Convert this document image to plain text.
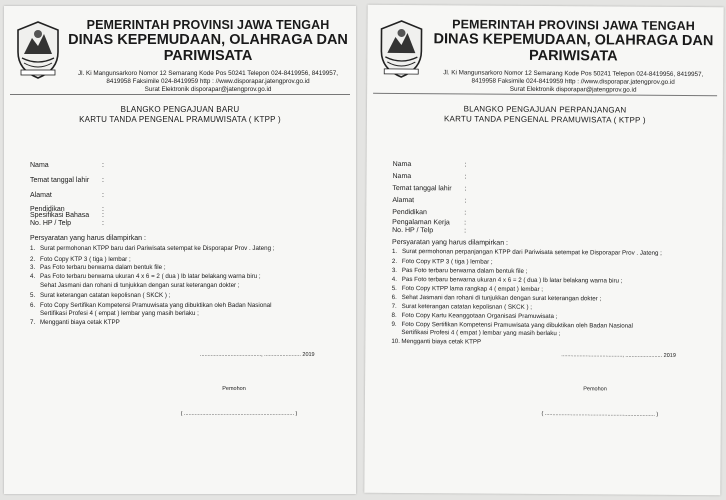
PEMERINTAH PROVINSI JAWA TENGAH
DINAS KEPEMUDAAN, OLAHRAGA DAN
PARIWISATA
Jl. Ki Mangunsarkoro Nomor 12 Semarang Kode Pos 50241 Telepon 024-8419956, 8419957,
8419958 Faksimile 024-8419959 http : //www.disporapar.jatengprov.go.id
Surat Elektronik disporapar@jatengprov.go.id
BLANGKO PENGAJUAN BARU
KARTU TANDA PENGENAL PRAMUWISATA ( KTPP )
Nama	:
Temat tanggal lahir :
Alamat	:
Pendidikan	:
Spesifikasi Bahasa	:
No. HP / Telp	:
Persyaratan yang harus dilampirkan :
1. Surat permohonan KTPP baru dari Pariwisata setempat ke Disporapar Prov . Jateng ;
2. Foto Copy KTP 3 ( tiga ) lembar ;
3. Pas Foto terbaru berwarna dalam bentuk file ;
4. Pas Foto terbaru berwarna ukuran 4 x 6 = 2 ( dua ) lb latar belakang warna biru ;
Sehat Jasmani dan rohani di tunjukkan dengan surat keterangan dokter ;
5. Surat keterangan catatan kepolisnan ( SKCK ) ;
6. Foto Copy Sertifikan Kompetensi Pramuwisata yang dibuktikan oleh Badan Nasional
Sertifikasi Profesi 4 ( empat ) lembar yang masih berlaku ;
7. Mengganti biaya cetak KTPP
........................................, ........................ 2019
Pemohon
( ........................................................................ )
PEMERINTAH PROVINSI JAWA TENGAH
DINAS KEPEMUDAAN, OLAHRAGA DAN
PARIWISATA
Jl. Ki Mangunsarkoro Nomor 12 Semarang Kode Pos 50241 Telepon 024-8419956, 8419957,
8419958 Faksimile 024-8419959 http : //www.disporapar.jatengprov.go.id
Surat Elektronik disporapar@jatengprov.go.id
BLANGKO PENGAJUAN PERPANJANGAN
KARTU TANDA PENGENAL PRAMUWISATA ( KTPP )
Nama	:
Nama	:
Temat tanggal lahir :
Alamat	:
Pendidikan	:
Pengalaman Kerja :
No. HP / Telp	:
Persyaratan yang harus dilampirkan :
1. Surat permohonan perpanjangan KTPP dari Pariwisata setempat ke Disporapar Prov . Jateng ;
2. Foto Copy KTP 3 ( tiga ) lembar ;
3. Pas Foto terbaru berwarna dalam bentuk file ;
4. Pas Foto terbaru berwarna ukuran 4 x 6 = 2 ( dua ) lb latar belakang warna biru ;
5. Foto Copy KTPP lama rangkap 4 ( empat ) lembar ;
6. Sehat Jasmani dan rohani di tunjukkan dengan surat keterangan dokter ;
7. Surat keterangan catatan kepolisnan ( SKCK ) ;
8. Foto Copy Kartu Keanggotaan Organisasi Pramuwisata ;
9. Foto Copy Sertifikan Kompetensi Pramuwisata yang dibuktikan oleh Badan Nasional
Sertifikasi Profesi 4 ( empat ) lembar yang masih berlaku ;
10.Mengganti biaya cetak KTPP
........................................, ........................ 2019
Pemohon
( ........................................................................ )
